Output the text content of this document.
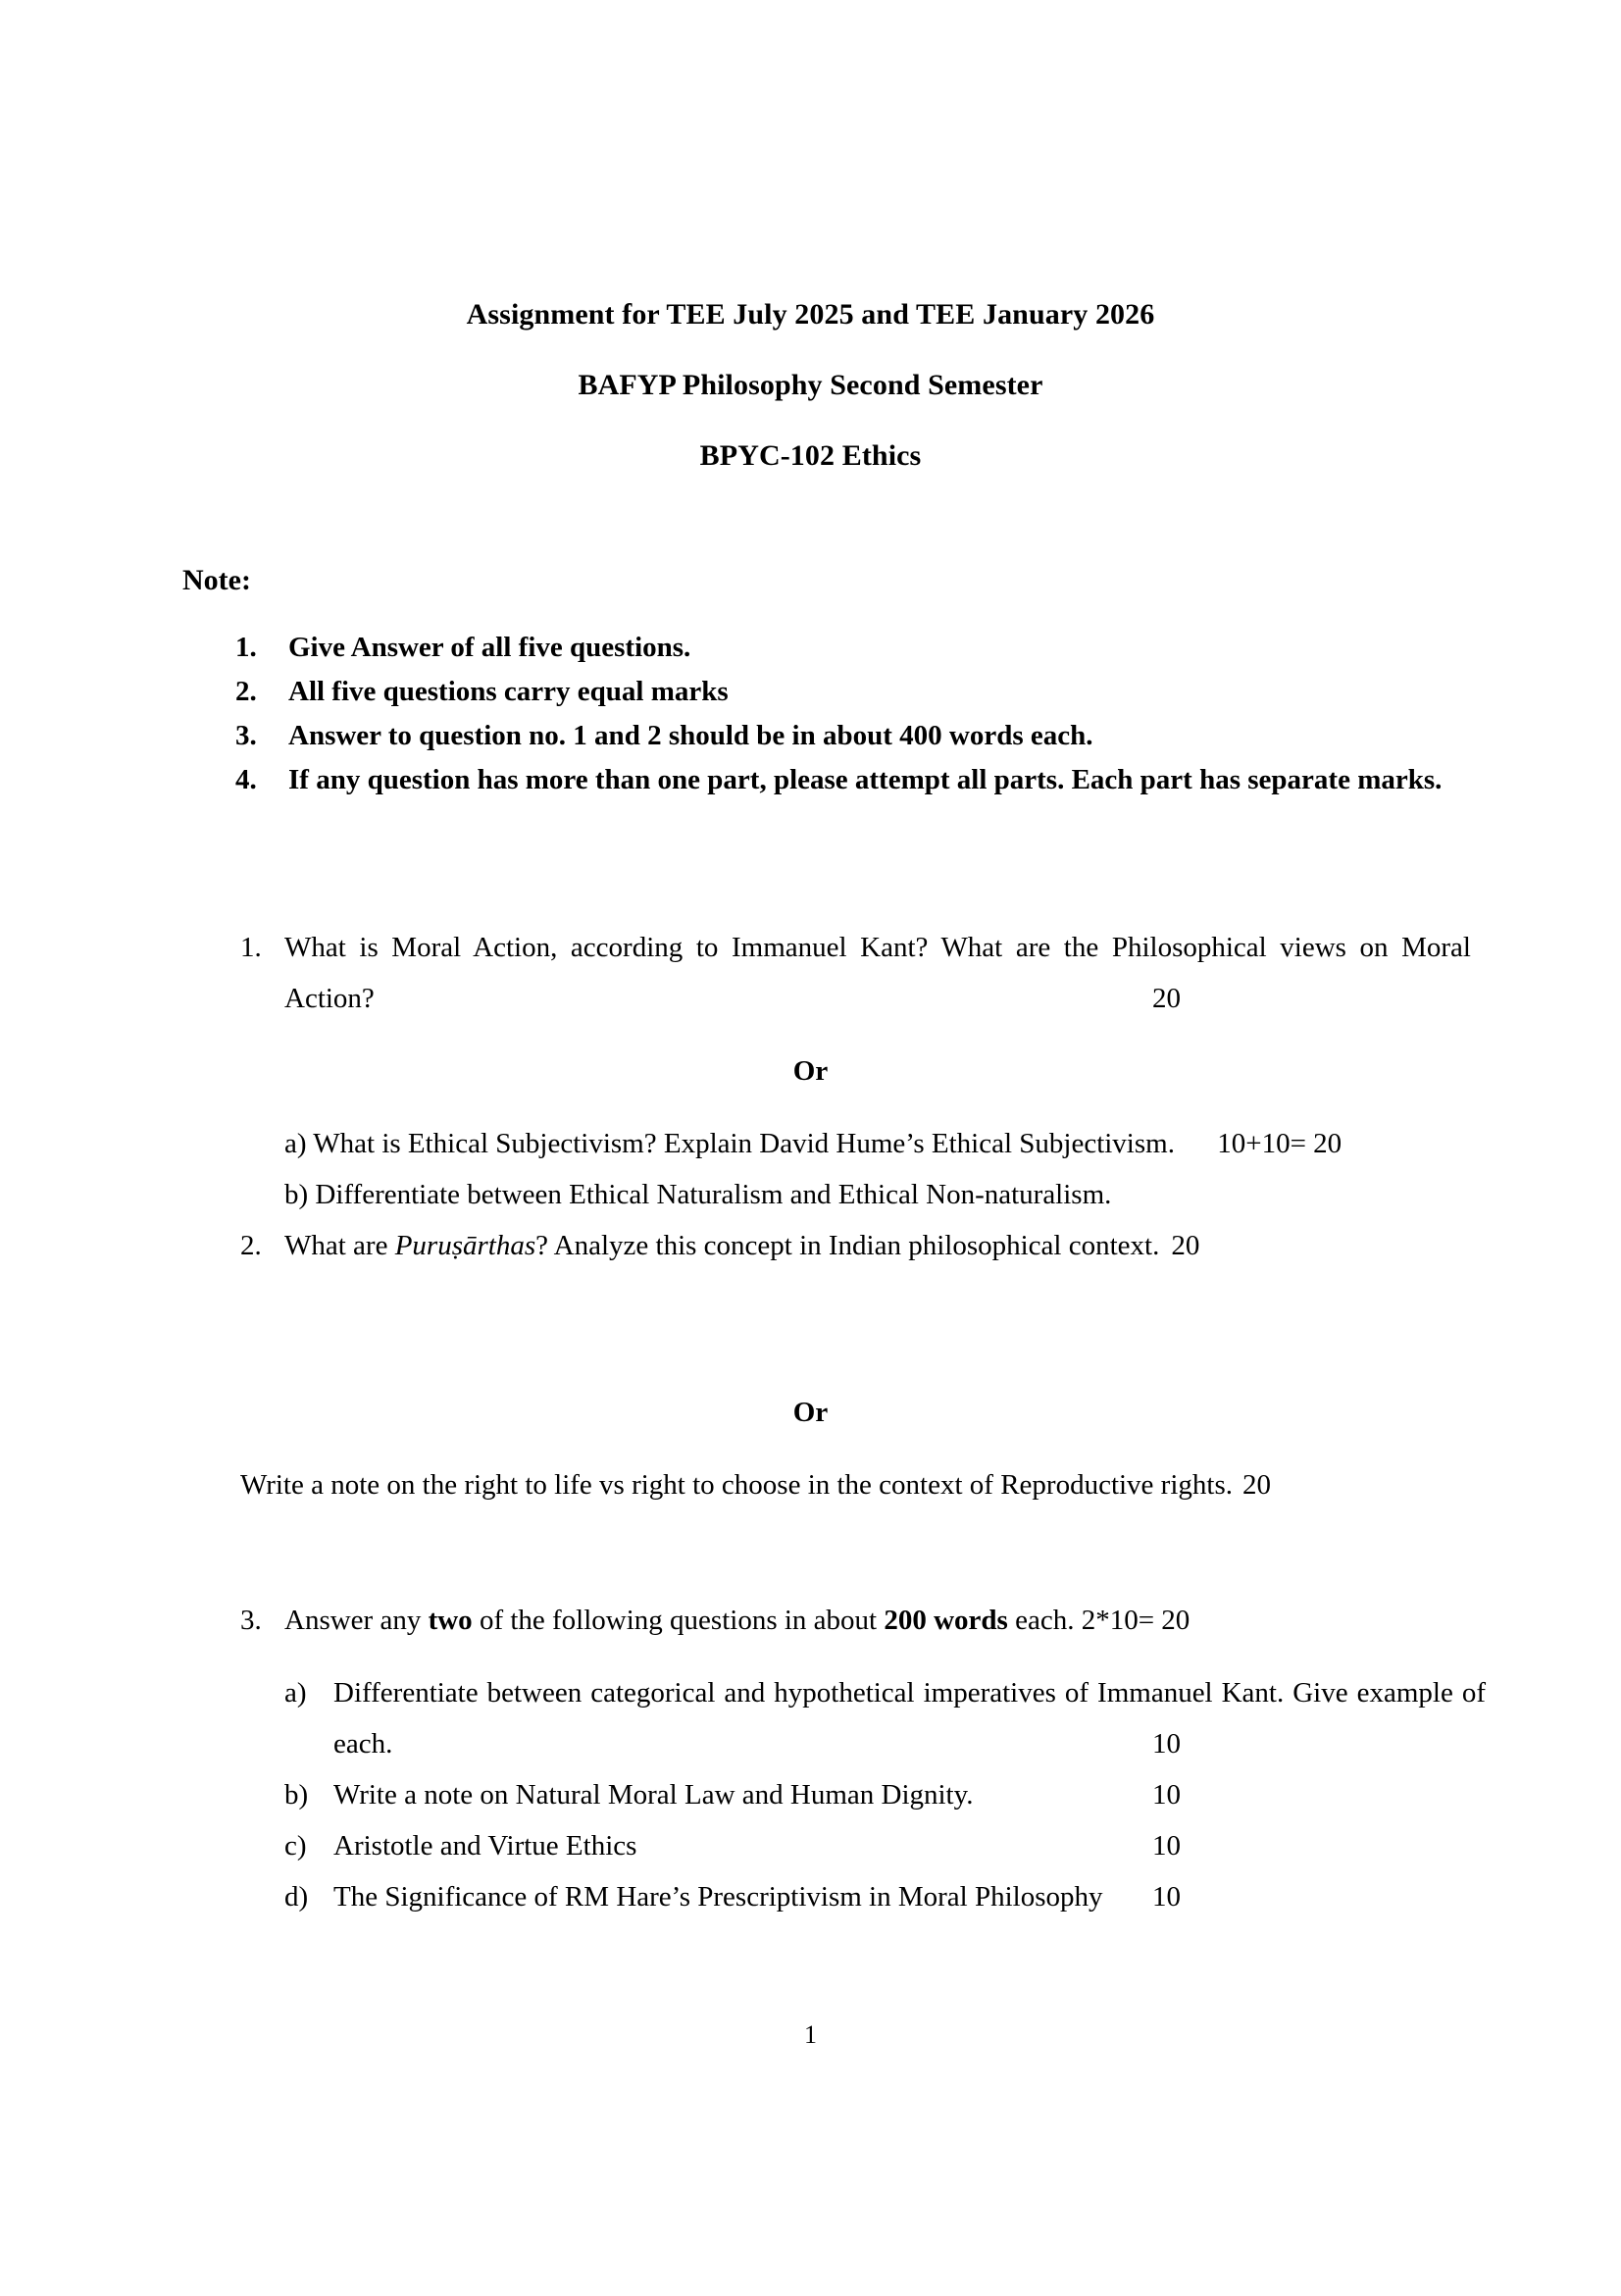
Assignment for TEE July 2025 and TEE January 2026
BAFYP Philosophy Second Semester
BPYC-102 Ethics
Note:
1.	Give Answer of all five questions.
2.	All five questions carry equal marks
3.	Answer to question no. 1 and 2 should be in about 400 words each.
4.	If any question has more than one part, please attempt all parts. Each part has separate marks.
1. What is Moral Action, according to Immanuel Kant? What are the Philosophical views on Moral Action?	20
Or
a) What is Ethical Subjectivism? Explain David Hume’s Ethical Subjectivism. 10+10= 20
b) Differentiate between Ethical Naturalism and Ethical Non-naturalism.
2. What are Puruṣārthas? Analyze this concept in Indian philosophical context. 20
Or
Write a note on the right to life vs right to choose in the context of Reproductive rights. 20
3. Answer any two of the following questions in about 200 words each. 2*10= 20
a) Differentiate between categorical and hypothetical imperatives of Immanuel Kant. Give example of each.	10
b) Write a note on Natural Moral Law and Human Dignity.	10
c) Aristotle and Virtue Ethics	10
d) The Significance of RM Hare’s Prescriptivism in Moral Philosophy 10
1
